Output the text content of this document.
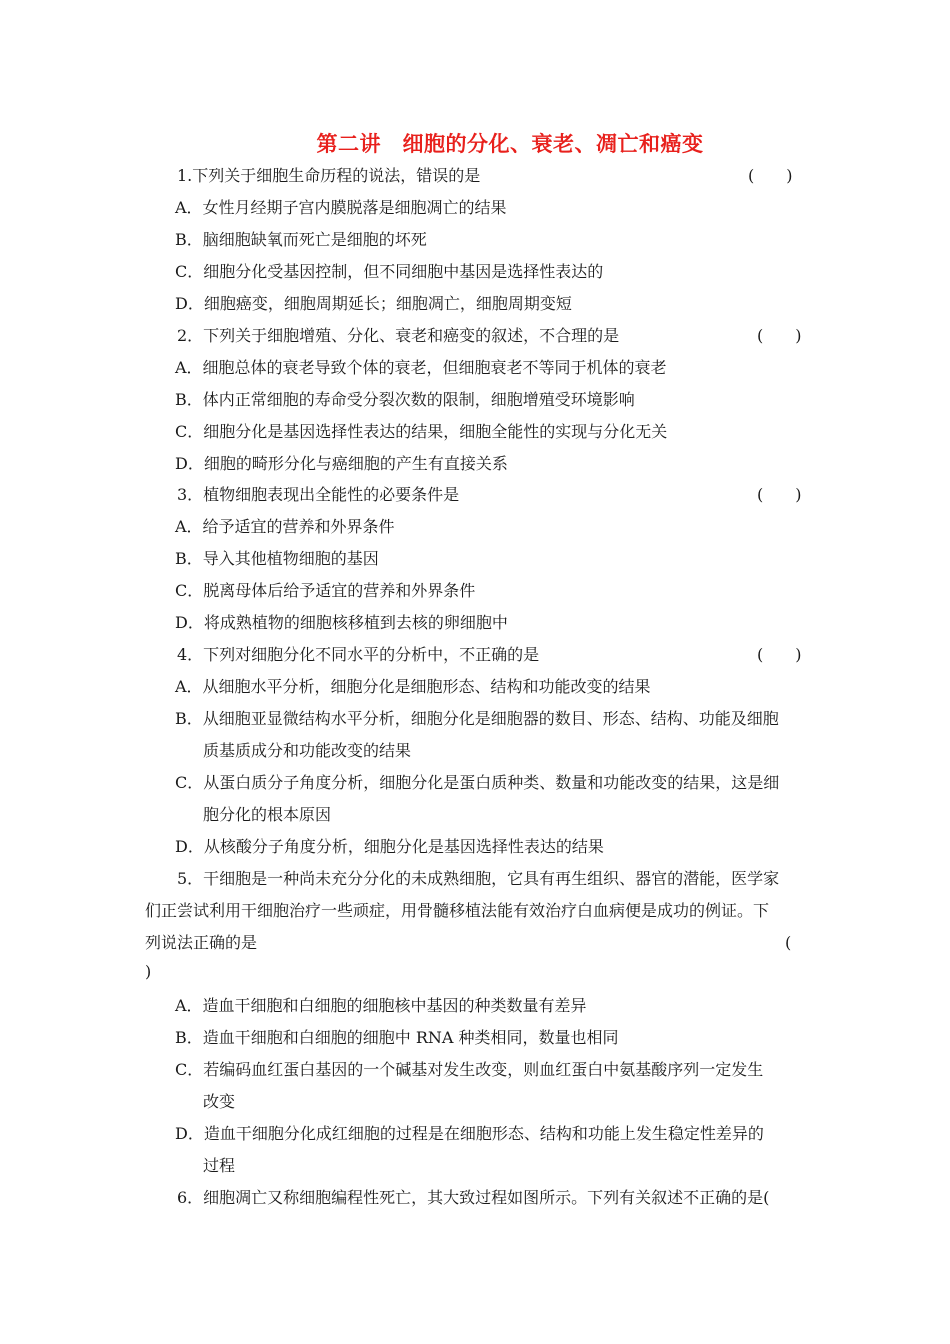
第二讲　细胞的分化、衰老、凋亡和癌变
1.下列关于细胞生命历程的说法，错误的是	(　　)
A．女性月经期子宫内膜脱落是细胞凋亡的结果
B．脑细胞缺氧而死亡是细胞的坏死
C．细胞分化受基因控制，但不同细胞中基因是选择性表达的
D．细胞癌变，细胞周期延长；细胞凋亡，细胞周期变短
2．下列关于细胞增殖、分化、衰老和癌变的叙述，不合理的是	(　　)
A．细胞总体的衰老导致个体的衰老，但细胞衰老不等同于机体的衰老
B．体内正常细胞的寿命受分裂次数的限制，细胞增殖受环境影响
C．细胞分化是基因选择性表达的结果，细胞全能性的实现与分化无关
D．细胞的畸形分化与癌细胞的产生有直接关系
3．植物细胞表现出全能性的必要条件是	(　　)
A．给予适宜的营养和外界条件
B．导入其他植物细胞的基因
C．脱离母体后给予适宜的营养和外界条件
D．将成熟植物的细胞核移植到去核的卵细胞中
4．下列对细胞分化不同水平的分析中，不正确的是	(　　)
A．从细胞水平分析，细胞分化是细胞形态、结构和功能改变的结果
B．从细胞亚显微结构水平分析，细胞分化是细胞器的数目、形态、结构、功能及细胞
质基质成分和功能改变的结果
C．从蛋白质分子角度分析，细胞分化是蛋白质种类、数量和功能改变的结果，这是细
胞分化的根本原因
D．从核酸分子角度分析，细胞分化是基因选择性表达的结果
5．干细胞是一种尚未充分分化的未成熟细胞，它具有再生组织、器官的潜能，医学家
们正尝试利用干细胞治疗一些顽症，用骨髓移植法能有效治疗白血病便是成功的例证。下
列说法正确的是	(
)
A．造血干细胞和白细胞的细胞核中基因的种类数量有差异
B．造血干细胞和白细胞的细胞中 RNA 种类相同，数量也相同
C．若编码血红蛋白基因的一个碱基对发生改变，则血红蛋白中氨基酸序列一定发生
改变
D．造血干细胞分化成红细胞的过程是在细胞形态、结构和功能上发生稳定性差异的
过程
6．细胞凋亡又称细胞编程性死亡，其大致过程如图所示。下列有关叙述不正确的是(
